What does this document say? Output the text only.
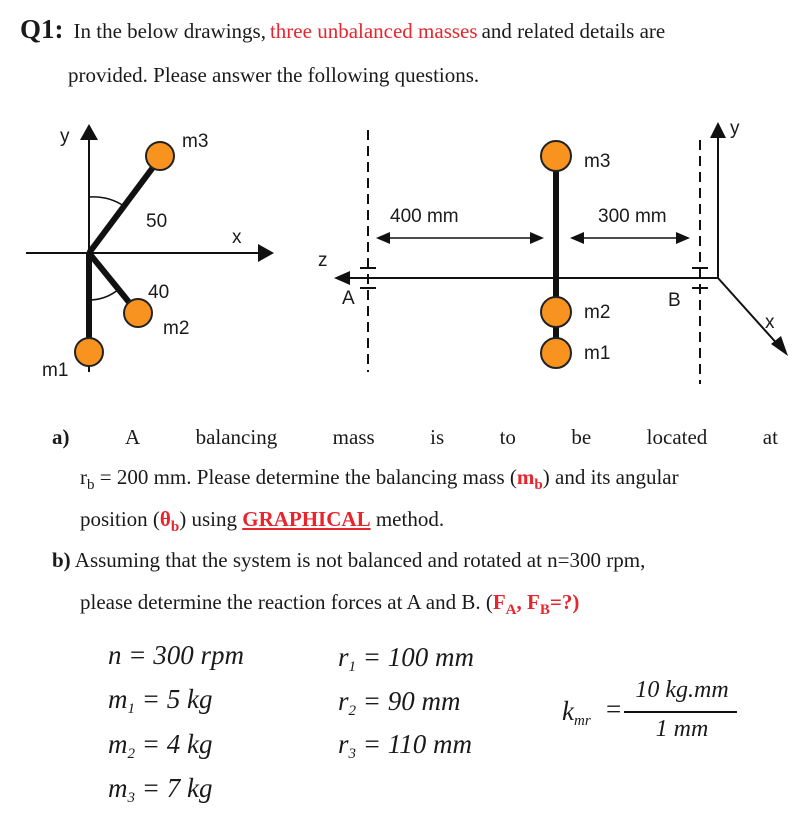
Q1: In the below drawings, three unbalanced masses and related details are
provided. Please answer the following questions.
y
x
m3
50
40
m2
m1
z
A	B
x
y
400 mm	300 mm
m3
m2
m1
a)	A	balancing	mass	is	to	be	located	at
$r_b = 200$ mm. Please determine the balancing mass $(m_b)$ and its angular
position $(\theta_b)$ using GRAPHICAL method.
b) Assuming that the system is not balanced and rotated at n=300 rpm,
please determine the reaction forces at A and B. ($F_A$, $F_B=$?)
n = 300 rpm
$m_1 = 5$ kg
$m_2 = 4$ kg
$m_3 = 7$ kg
$r_1 = 100$ mm
$r_2 = 90$ mm
$r_3 = 110$ mm
$k_{mr}$ =
10 kg.mm
1 mm
